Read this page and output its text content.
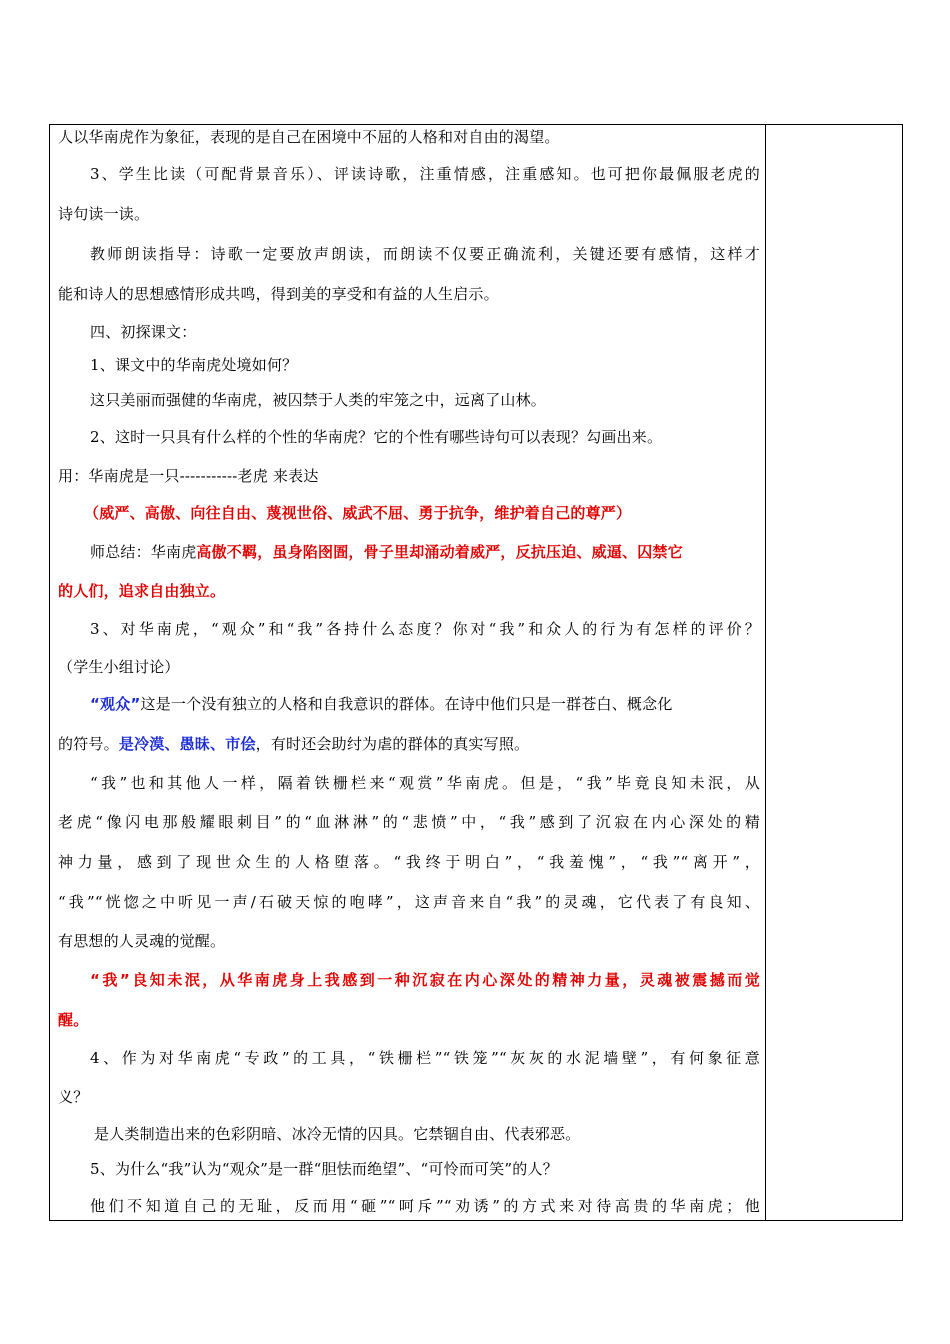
人以华南虎作为象征，表现的是自己在困境中不屈的人格和对自由的渴望。
3、学生比读（可配背景音乐）、评读诗歌，注重情感，注重感知。也可把你最佩服老虎的
诗句读一读。
教师朗读指导：诗歌一定要放声朗读，而朗读不仅要正确流利，关键还要有感情，这样才
能和诗人的思想感情形成共鸣，得到美的享受和有益的人生启示。
四、初探课文：
1、课文中的华南虎处境如何？
这只美丽而强健的华南虎，被囚禁于人类的牢笼之中，远离了山林。
2、这时一只具有什么样的个性的华南虎？它的个性有哪些诗句可以表现？勾画出来。
用：华南虎是一只-----------老虎 来表达
（威严、高傲、向往自由、蔑视世俗、威武不屈、勇于抗争，维护着自己的尊严）
师总结：华南虎高傲不羁，虽身陷囹圄，骨子里却涌动着威严，反抗压迫、威逼、囚禁它
的人们，追求自由独立。
3、对华南虎，“观众”和“我”各持什么态度？你对“我”和众人的行为有怎样的评价？
（学生小组讨论）
“观众”这是一个没有独立的人格和自我意识的群体。在诗中他们只是一群苍白、概念化
的符号。是冷漠、愚昧、市侩，有时还会助纣为虐的群体的真实写照。
“我”也和其他人一样，隔着铁栅栏来“观赏”华南虎。但是，“我”毕竟良知未泯，从
老虎“像闪电那般耀眼刺目”的“血淋淋”的“悲愤”中，“我”感到了沉寂在内心深处的精
神力量，感到了现世众生的人格堕落。“我终于明白”，“我羞愧”，“我”“离开”，
“我”“恍惚之中听见一声/石破天惊的咆哮”，这声音来自“我”的灵魂，它代表了有良知、
有思想的人灵魂的觉醒。
“我”良知未泯，从华南虎身上我感到一种沉寂在内心深处的精神力量，灵魂被震撼而觉
醒。
4、作为对华南虎“专政”的工具，“铁栅栏”“铁笼”“灰灰的水泥墙壁”，有何象征意
义？
是人类制造出来的色彩阴暗、冰冷无情的囚具。它禁锢自由、代表邪恶。
5、为什么“我”认为“观众”是一群“胆怯而绝望”、“可怜而可笑”的人？
他们不知道自己的无耻，反而用“砸”“呵斥”“劝诱”的方式来对待高贵的华南虎；他
